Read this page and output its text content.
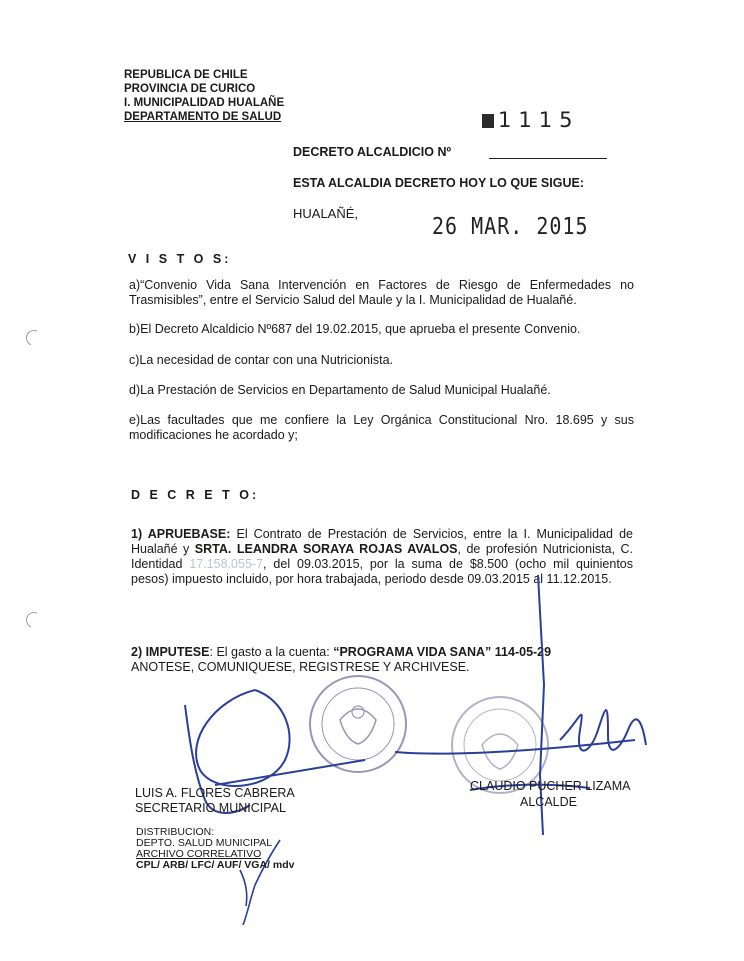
REPUBLICA DE CHILE
PROVINCIA DE CURICO
I. MUNICIPALIDAD HUALAÑE
DEPARTAMENTO DE SALUD	1115
DECRETO ALCALDICIO Nº
ESTA ALCALDIA DECRETO HOY LO QUE SIGUE:
HUALAÑÉ,	26 MAR. 2015
V I S T O S:
a)“Convenio Vida Sana Intervención en Factores de Riesgo de Enfermedades no Trasmisibles”, entre el Servicio Salud del Maule y la I. Municipalidad de Hualañé.
b)El Decreto Alcaldicio Nº687 del 19.02.2015, que aprueba el presente Convenio.
c)La necesidad de contar con una Nutricionista.
d)La Prestación de Servicios en Departamento de Salud Municipal Hualañé.
e)Las facultades que me confiere la Ley Orgánica Constitucional Nro. 18.695 y sus modificaciones he acordado y;
D E C R E T O:
1) APRUEBASE: El Contrato de Prestación de Servicios, entre la I. Municipalidad de Hualañé y SRTA. LEANDRA SORAYA ROJAS AVALOS, de profesión Nutricionista, C. Identidad 17.158.055-7, del 09.03.2015, por la suma de $8.500 (ocho mil quinientos pesos) impuesto incluido, por hora trabajada, periodo desde 09.03.2015 al 11.12.2015.
2) IMPUTESE: El gasto a la cuenta: “PROGRAMA VIDA SANA” 114-05-29
ANOTESE, COMUNIQUESE, REGISTRESE Y ARCHIVESE.
LUIS A. FLORES CABRERA
SECRETARIO MUNICIPAL
CLAUDIO PUCHER LIZAMA
ALCALDE
DISTRIBUCION:
DEPTO. SALUD MUNICIPAL
ARCHIVO CORRELATIVO
CPL/ ARB/ LFC/ AUF/ VGA/ mdv
